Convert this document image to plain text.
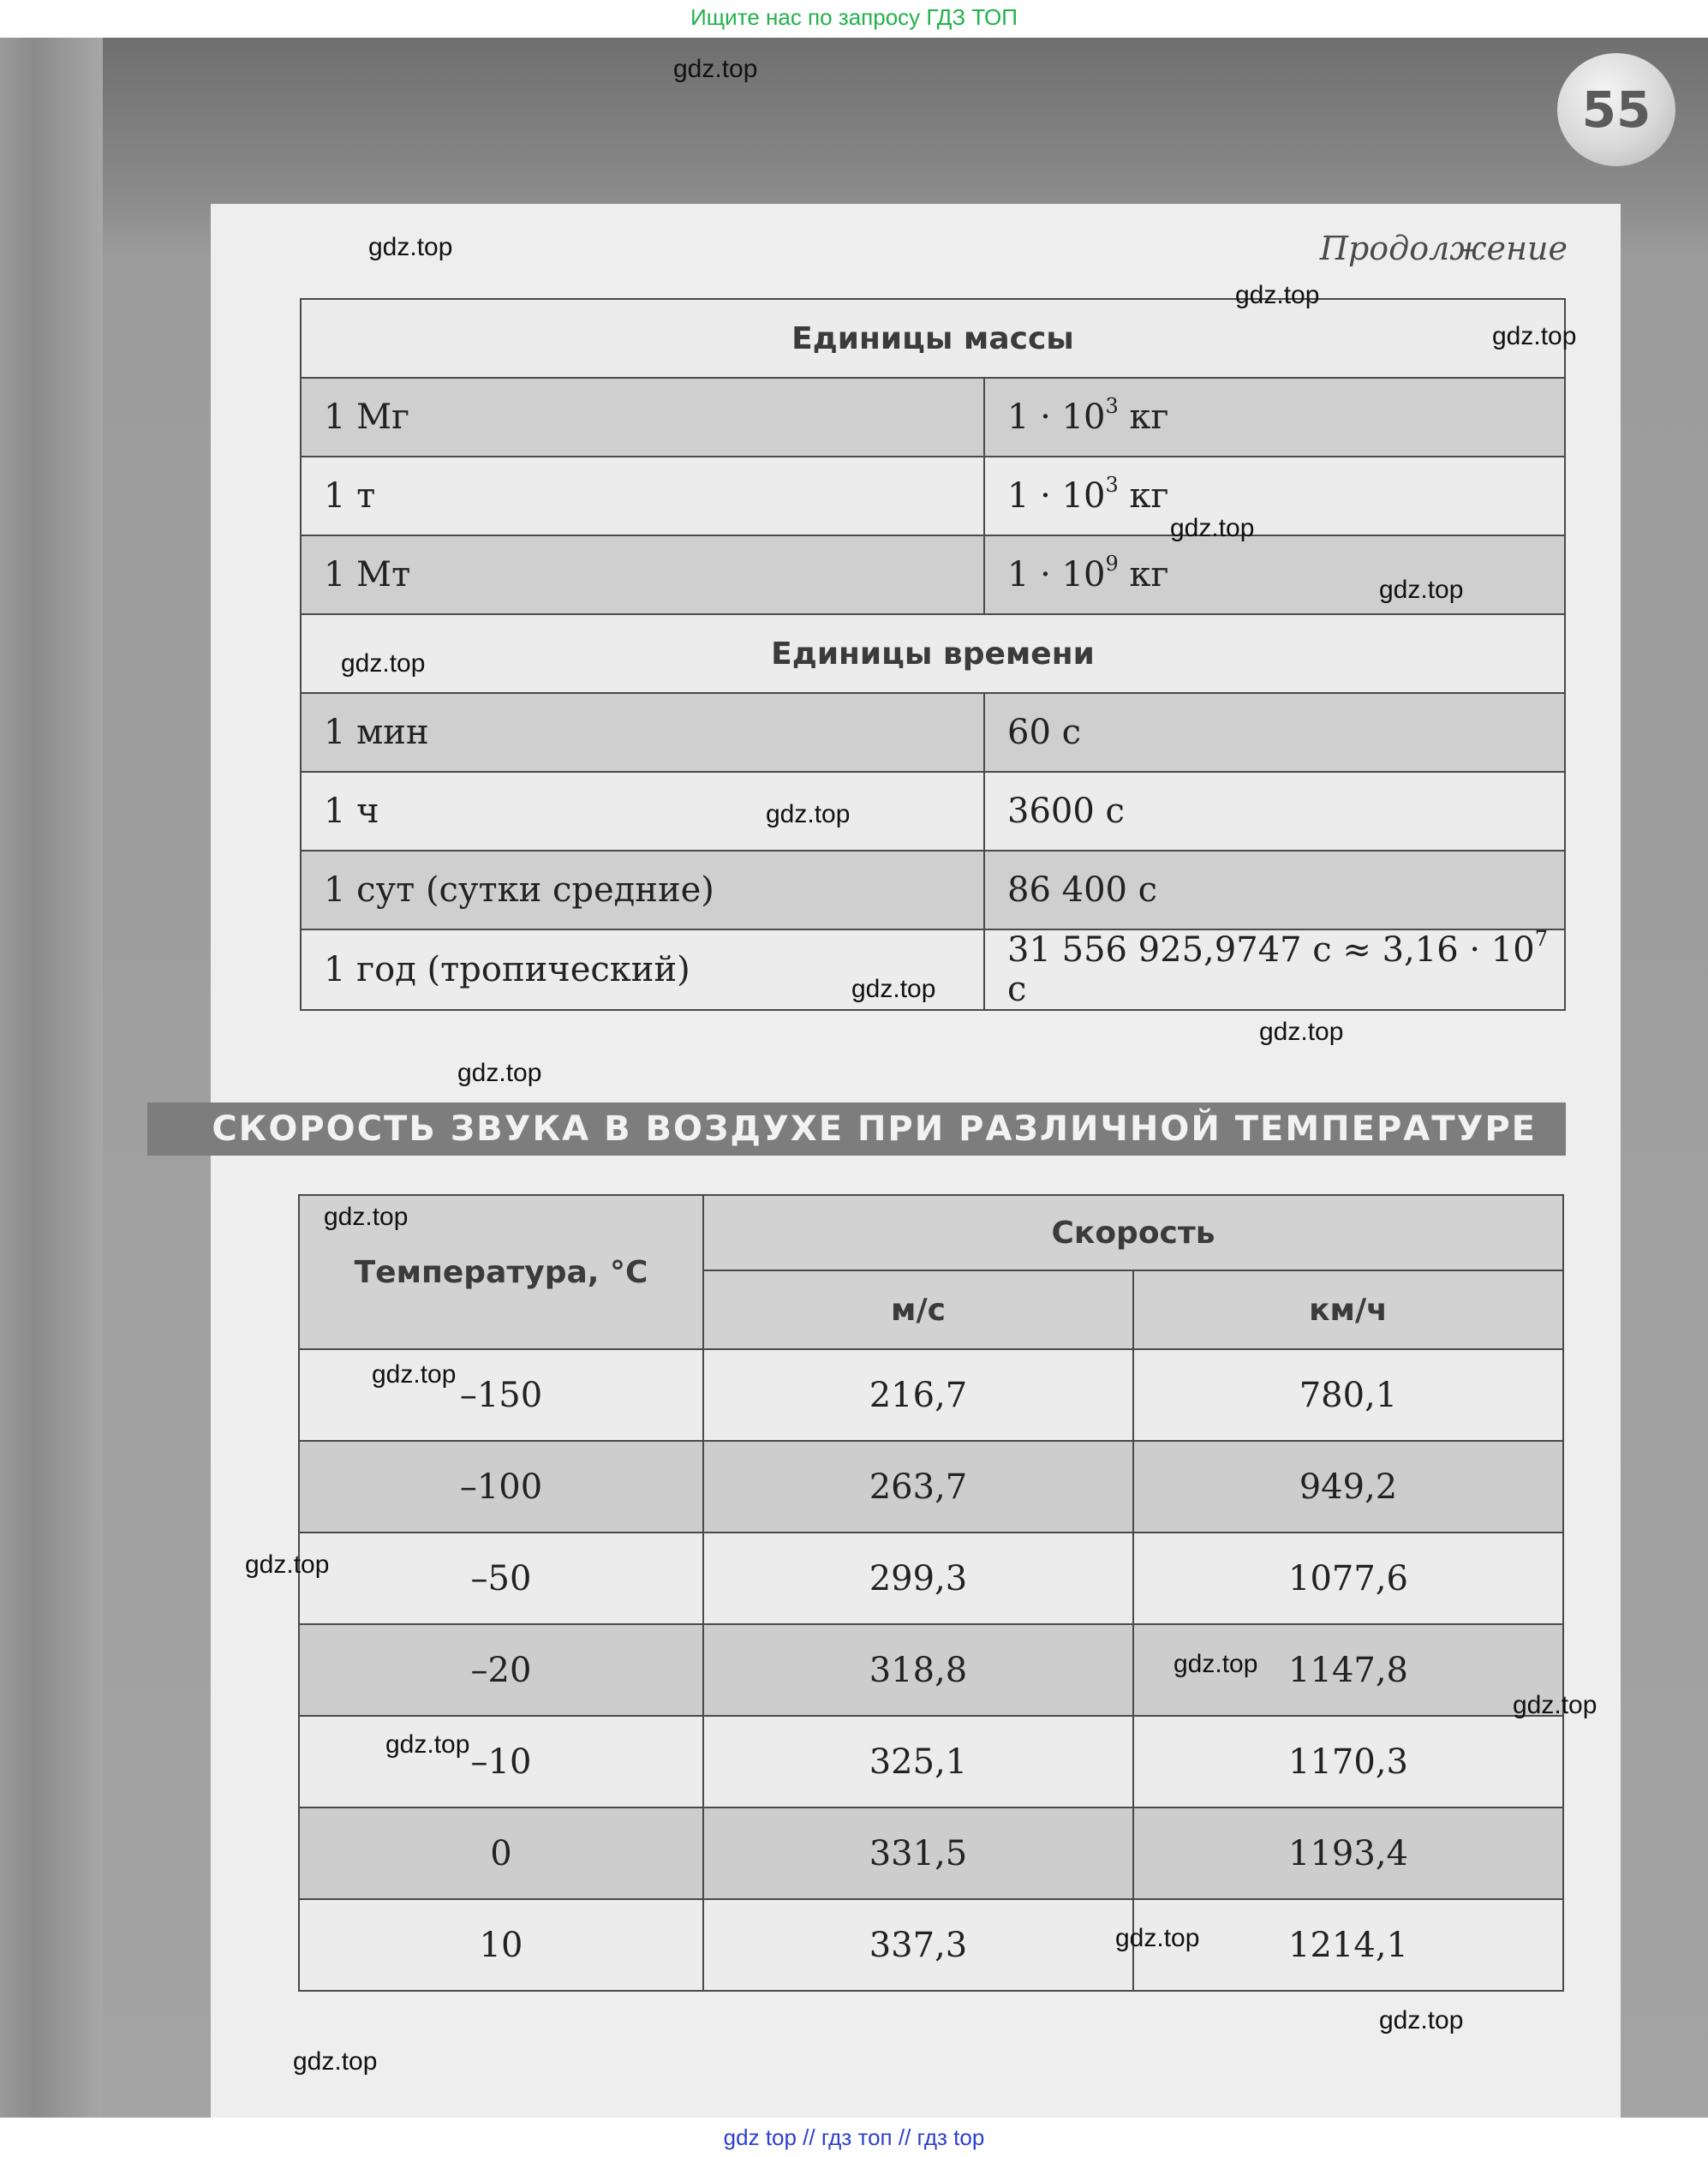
Ищите нас по запросу ГДЗ ТОП
55
Продолжение
Единицы массы	
1 Мг	$1 \cdot 10^3$ кг
1 т	$1 \cdot 10^3$ кг
1 Мт	$1 \cdot 10^9$ кг
Единицы времени	
1 мин	60 с
1 ч	3600 с
1 сут (сутки средние)	86 400 с
1 год (тропический)	31 556 925,9747 $с \approx 3,16 \cdot 10^7$ с
СКОРОСТЬ ЗВУКА В ВОЗДУХЕ ПРИ РАЗЛИЧНОЙ ТЕМПЕРАТУРЕ
Температура, °С	Скорость	
	м/с	км/ч
–150	216,7	780,1
–100	263,7	949,2
–50	299,3	1077,6
–20	318,8	1147,8
–10	325,1	1170,3
0	331,5	1193,4
10	337,3	1214,1
gdz.top
gdz.top
gdz.top
gdz.top
gdz.top
gdz.top
gdz.top
gdz.top
gdz.top
gdz.top
gdz.top
gdz.top
gdz.top
gdz.top
gdz.top
gdz.top
gdz.top
gdz.top
gdz.top
gdz.top
gdz top // гдз топ // гдз top
